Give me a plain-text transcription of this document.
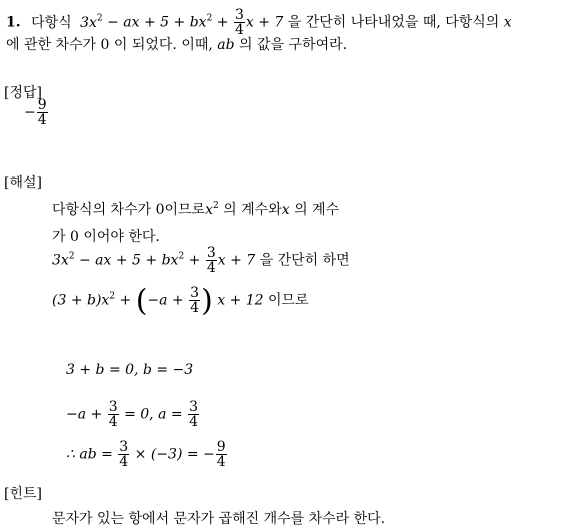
1. 다항식 $3x^2$ − ax + $5 + bx^2 + \frac{3}{4}$ x + 7 을 간단히 나타내었을 때, 다항식의 x
에 관한 차수가 0 이 되었다. 이때, ab 의 값을 구하여라.
[정답]
− $\frac{9}{4}$
[해설]
다항식의 차수가 0이므로$x^2$ 의 계수와x 의 계수
가 0 이어야 한다.
$3x^2$ − ax + $5 + bx^2 + \frac{3}{4}$ x + 7 을 간단히 하면
$(3 + b)x^2 + (-a + \frac{3}{4}$ ) x + 12 이므로
3 + b = 0, b = −3
$-a + \frac{3}{4} = 0$, $a = \frac{3}{4}$
∴ ab = $\frac{3}{4} \times (-3)$ = − $\frac{9}{4}$
[힌트]
문자가 있는 항에서 문자가 곱해진 개수를 차수라 한다.
